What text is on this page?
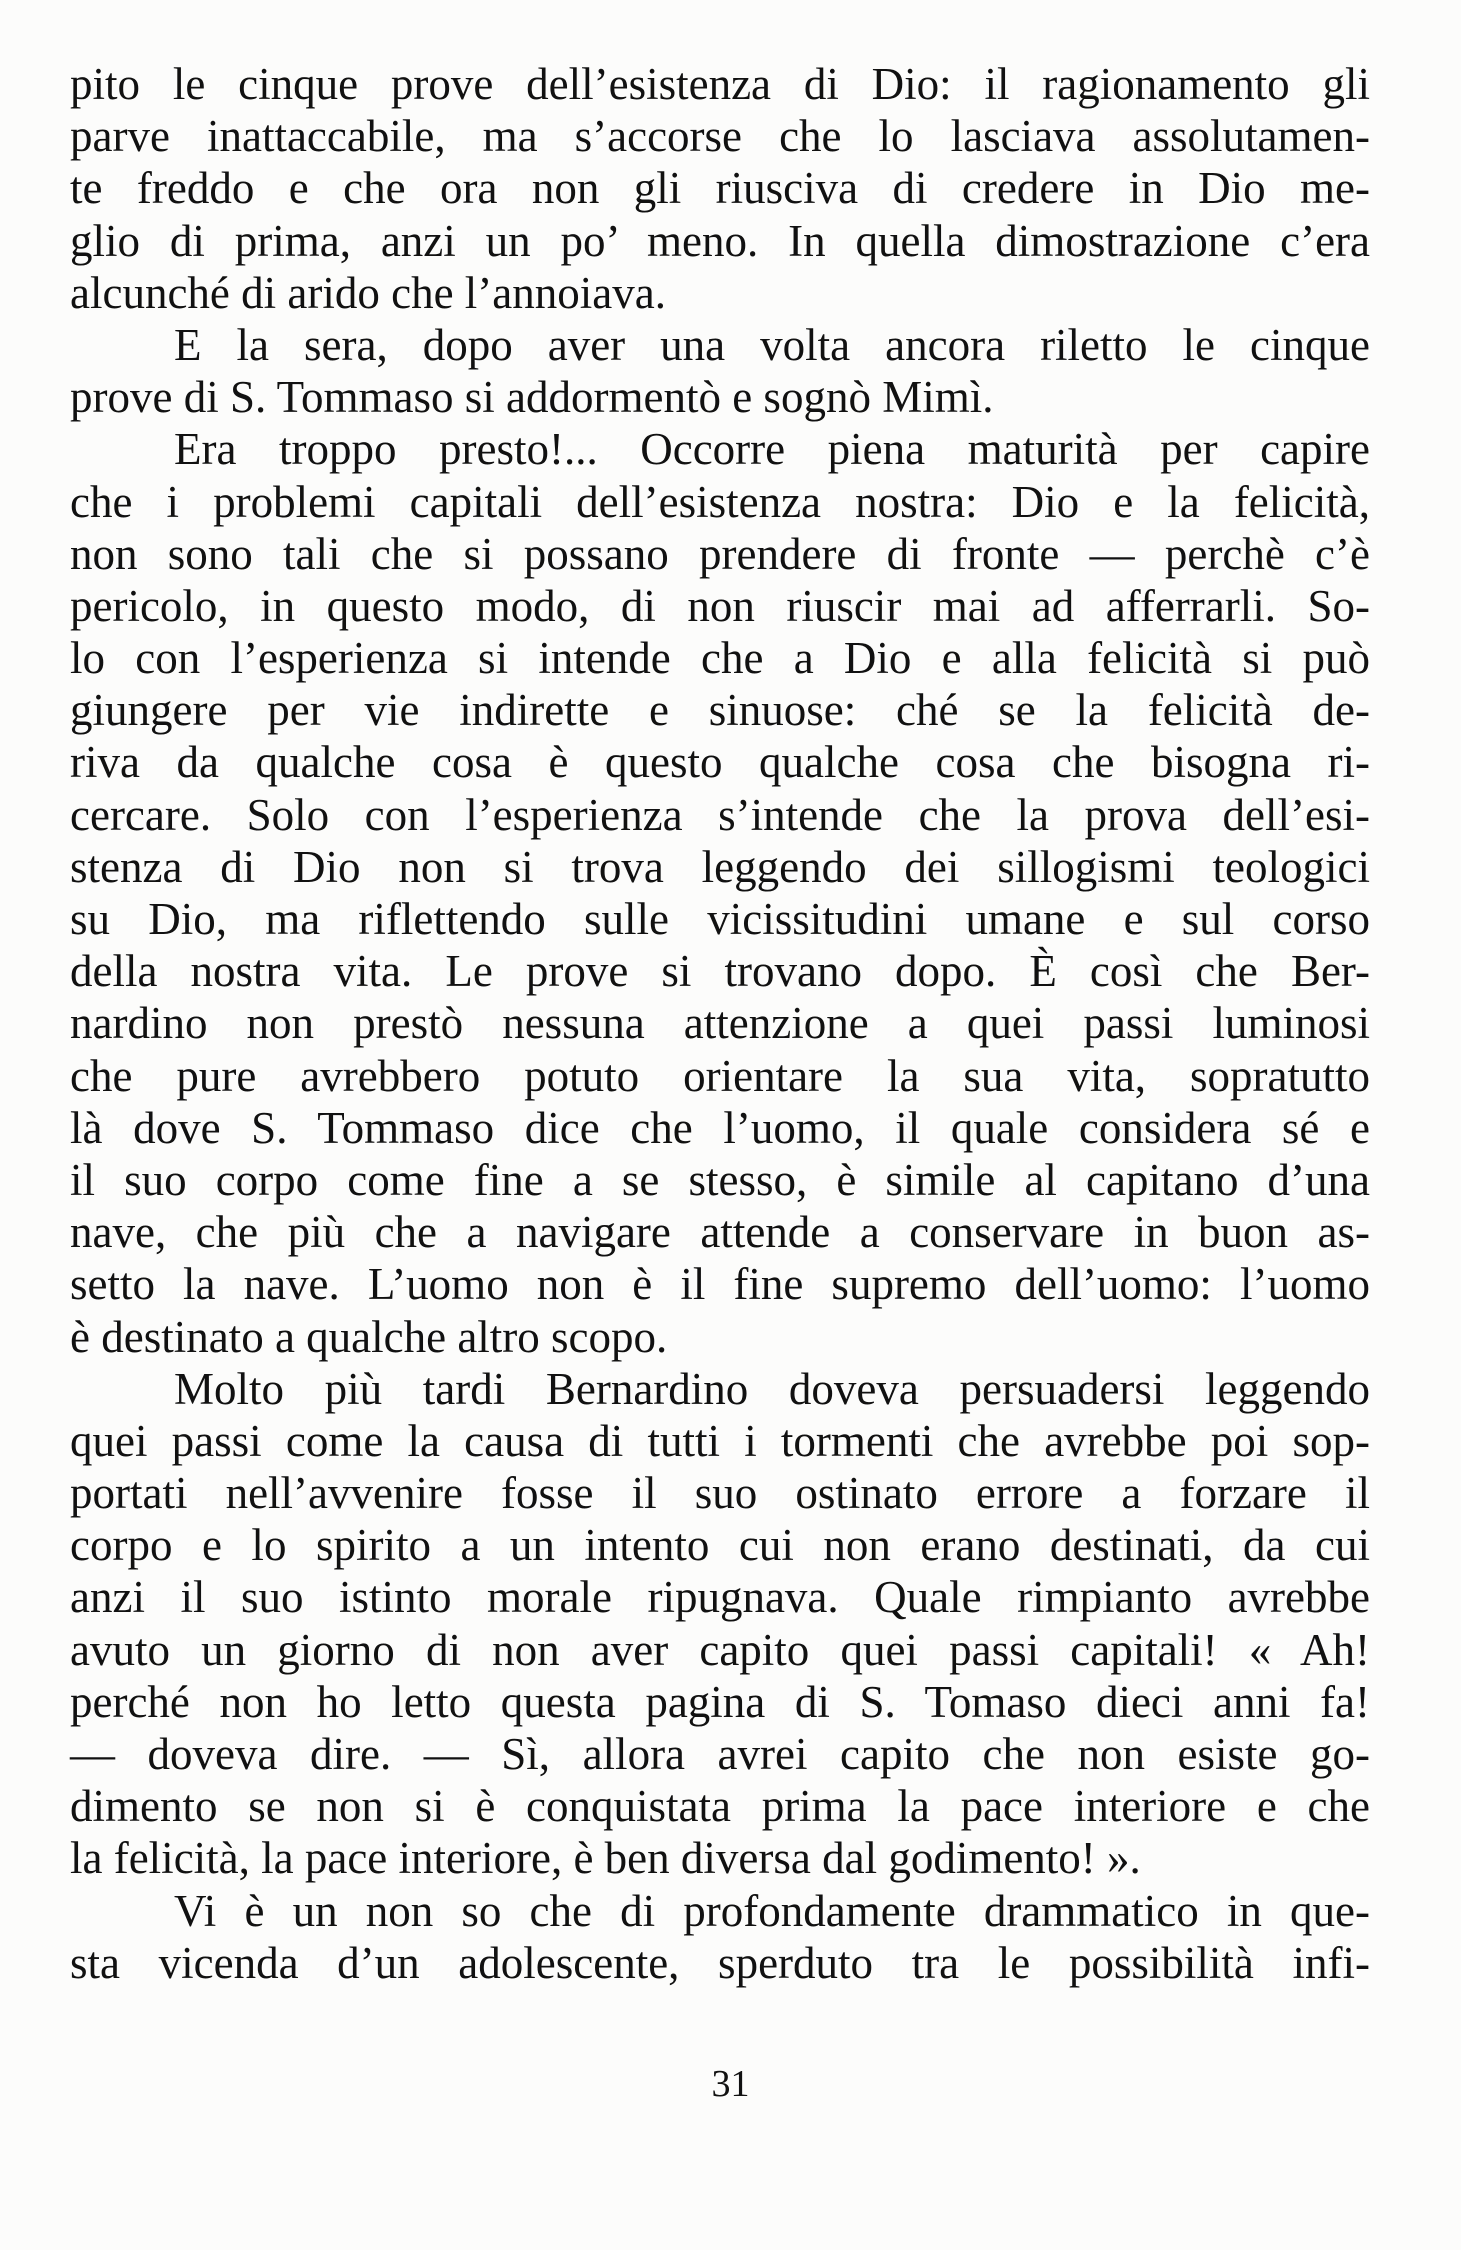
pito le cinque prove dell’esistenza di Dio: il ragionamento gli
parve inattaccabile, ma s’accorse che lo lasciava assolutamen-
te freddo e che ora non gli riusciva di credere in Dio me-
glio di prima, anzi un po’ meno. In quella dimostrazione c’era
alcunché di arido che l’annoiava.
E la sera, dopo aver una volta ancora riletto le cinque
prove di S. Tommaso si addormentò e sognò Mimì.
Era troppo presto!... Occorre piena maturità per capire
che i problemi capitali dell’esistenza nostra: Dio e la felicità,
non sono tali che si possano prendere di fronte — perchè c’è
pericolo, in questo modo, di non riuscir mai ad afferrarli. So-
lo con l’esperienza si intende che a Dio e alla felicità si può
giungere per vie indirette e sinuose: ché se la felicità de-
riva da qualche cosa è questo qualche cosa che bisogna ri-
cercare. Solo con l’esperienza s’intende che la prova dell’esi-
stenza di Dio non si trova leggendo dei sillogismi teologici
su Dio, ma riflettendo sulle vicissitudini umane e sul corso
della nostra vita. Le prove si trovano dopo. È così che Ber-
nardino non prestò nessuna attenzione a quei passi luminosi
che pure avrebbero potuto orientare la sua vita, sopratutto
là dove S. Tommaso dice che l’uomo, il quale considera sé e
il suo corpo come fine a se stesso, è simile al capitano d’una
nave, che più che a navigare attende a conservare in buon as-
setto la nave. L’uomo non è il fine supremo dell’uomo: l’uomo
è destinato a qualche altro scopo.
Molto più tardi Bernardino doveva persuadersi leggendo
quei passi come la causa di tutti i tormenti che avrebbe poi sop-
portati nell’avvenire fosse il suo ostinato errore a forzare il
corpo e lo spirito a un intento cui non erano destinati, da cui
anzi il suo istinto morale ripugnava. Quale rimpianto avrebbe
avuto un giorno di non aver capito quei passi capitali! « Ah!
perché non ho letto questa pagina di S. Tomaso dieci anni fa!
— doveva dire. — Sì, allora avrei capito che non esiste go-
dimento se non si è conquistata prima la pace interiore e che
la felicità, la pace interiore, è ben diversa dal godimento! ».
Vi è un non so che di profondamente drammatico in que-
sta vicenda d’un adolescente, sperduto tra le possibilità infi-
31
